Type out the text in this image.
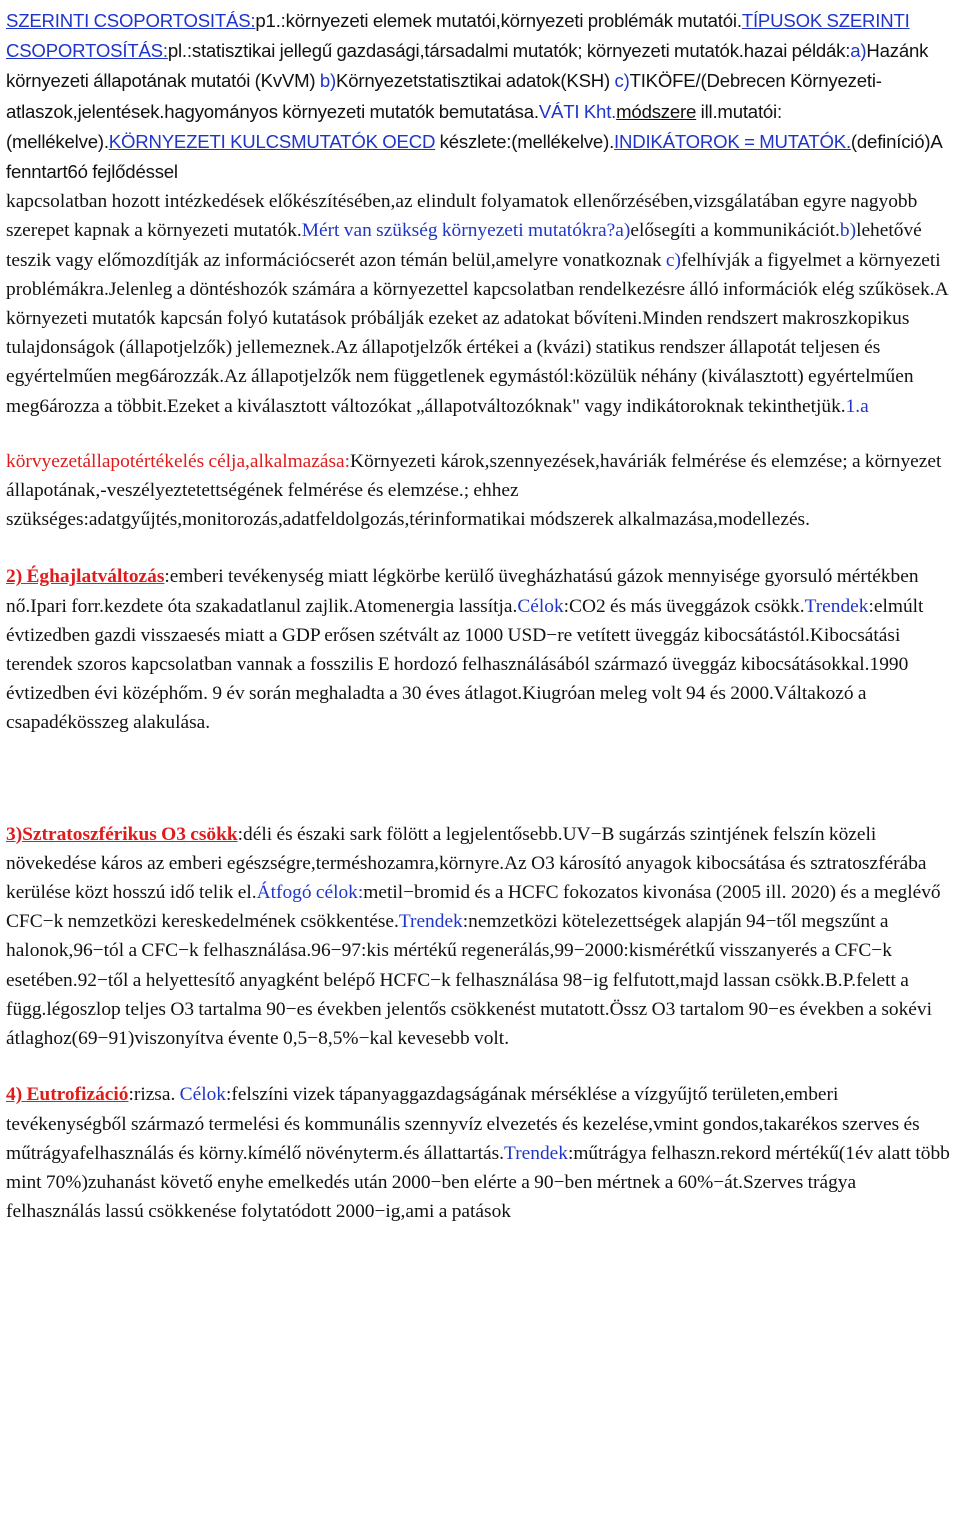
SZERINTI CSOPORTOSITÁS:p1.:környezeti elemek mutatói,környezeti problémák mutatói.TÍPUSOK SZERINTI CSOPORTOSÍTÁS:pl.:statisztikai jellegű gazdasági,társadalmi mutatók; környezeti mutatók.hazai példák:a)Hazánk környezeti állapotának mutatói (KvVM) b)Környezetstatisztikai adatok(KSH) c)TIKÖFE/(Debrecen Környezeti-atlaszok,jelentések.hagyományos környezeti mutatók bemutatása.VÁTI Kht.módszere ill.mutatói:(mellékelve).KÖRNYEZETI KULCSMUTATÓK OECD készlete:(mellékelve).INDIKÁTOROK = MUTATÓK.(definíció)A fenntart6ó fejlődéssel

kapcsolatban hozott intézkedések előkészítésében,az elindult folyamatok ellenőrzésében,vizsgálatában egyre nagyobb szerepet kapnak a környezeti mutatók.Mért van szükség környezeti mutatókra?a)elősegíti a kommunikációt.b)lehetővé teszik vagy előmozdítják az információcserét azon témán belül,amelyre vonatkoznak c)felhívják a figyelmet a környezeti problémákra.Jelenleg a döntéshozók számára a környezettel kapcsolatban rendelkezésre álló információk elég szűkösek.A környezeti mutatók kapcsán folyó kutatások próbálják ezeket az adatokat bővíteni.Minden rendszert makroszkopikus tulajdonságok (állapotjelzők) jellemeznek.Az állapotjelzők értékei a (kvázi) statikus rendszer állapotát teljesen és egyértelműen meg6ározzák.Az állapotjelzők nem függetlenek egymástól:közülük néhány (kiválasztott) egyértelműen meg6ározza a többit.Ezeket a kiválasztott változókat „állapotváltozóknak" vagy indikátoroknak tekinthetjük.1.a

körvyezetállapotértékelés célja,alkalmazása:Környezeti károk,szennyezések,haváriák felmérése és elemzése; a környezet állapotának,-veszélyeztetettségének felmérése és elemzése.; ehhez szükséges:adatgyűjtés,monitorozás,adatfeldolgozás,térinformatikai módszerek alkalmazása,modellezés.

2) Éghajlatváltozás:emberi tevékenység miatt légkörbe kerülő üvegházhatású gázok mennyisége gyorsuló mértékben nő.Ipari forr.kezdete óta szakadatlanul zajlik.Atomenergia lassítja.Célok:CO2 és más üveggázok csökk.Trendek:elmúlt évtizedben gazdi visszaesés miatt a GDP erősen szétvált az 1000 USD−re vetített üveggáz kibocsátástól.Kibocsátási terendek szoros kapcsolatban vannak a fosszilis E hordozó felhasználásából származó üveggáz kibocsátásokkal.1990 évtizedben évi középhőm. 9 év során meghaladta a 30 éves átlagot.Kiugróan meleg volt 94 és 2000.Váltakozó a csapadékösszeg alakulása.

3)Sztratoszférikus O3 csökk:déli és északi sark fölött a legjelentősebb.UV−B sugárzás szintjének felszín közeli növekedése káros az emberi egészségre,terméshozamra,környre.Az O3 károsító anyagok kibocsátása és sztratoszférába kerülése közt hosszú idő telik el.Átfogó célok:metil−bromid és a HCFC fokozatos kivonása (2005 ill. 2020) és a meglévő CFC−k nemzetközi kereskedelmének csökkentése.Trendek:nemzetközi kötelezettségek alapján 94−től megszűnt a halonok,96−tól a CFC−k felhasználása.96−97:kis mértékű regenerálás,99−2000:kismérétkű visszanyerés a CFC−k esetében.92−től a helyettesítő anyagként belépő HCFC−k felhasználása 98−ig felfutott,majd lassan csökk.B.P.felett a függ.légoszlop teljes O3 tartalma 90−es években jelentős csökkenést mutatott.Össz O3 tartalom 90−es években a sokévi átlaghoz(69−91)viszonyítva évente 0,5−8,5%−kal kevesebb volt.

4) Eutrofizáció:rizsa. Célok:felszíni vizek tápanyaggazdagságának mérséklése a vízgyűjtő területen,emberi tevékenységből származó termelési és kommunális szennyvíz elvezetés és kezelése,vmint gondos,takarékos szerves és műtrágyafelhasználás és körny.kímélő növényterm.és állattartás.Trendek:műtrágya felhaszn.rekord mértékű(1év alatt több mint 70%)zuhanást követő enyhe emelkedés után 2000−ben elérte a 90−ben mértnek a 60%−át.Szerves trágya felhasználás lassú csökkenése folytatódott 2000−ig,ami a patások
